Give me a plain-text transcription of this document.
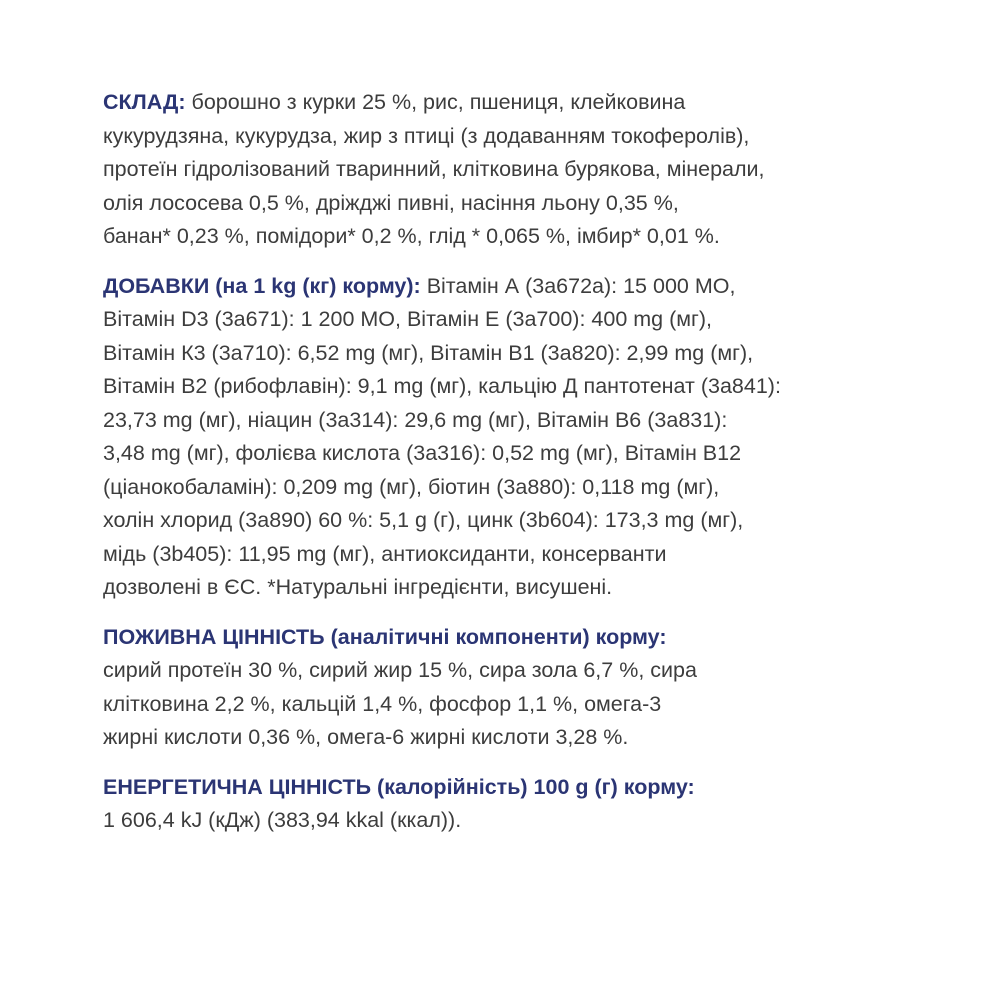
СКЛАД: борошно з курки 25 %, рис, пшениця, клейковина
кукурудзяна, кукурудза, жир з птиці (з додаванням токоферолів),
протеїн гідролізований тваринний, клітковина бурякова, мінерали,
олія лососева 0,5 %, дріжджі пивні, насіння льону 0,35 %,
банан* 0,23 %, помідори* 0,2 %, глід * 0,065 %, імбир* 0,01 %.

ДОБАВКИ (на 1 kg (кг) корму): Вітамін А (3а672а): 15 000 МО,
Вітамін D3 (3а671): 1 200 МО, Вітамін Е (3а700): 400 mg (мг),
Вітамін К3 (3а710): 6,52 mg (мг), Вітамін В1 (3а820): 2,99 mg (мг),
Вітамін В2 (рибофлавін): 9,1 mg (мг), кальцію Д пантотенат (3а841):
23,73 mg (мг), ніацин (3а314): 29,6 mg (мг), Вітамін В6 (3а831):
3,48 mg (мг), фолієва кислота (3а316): 0,52 mg (мг), Вітамін В12
(ціанокобаламін): 0,209 mg (мг), біотин (3а880): 0,118 mg (мг),
холін хлорид (3а890) 60 %: 5,1 g (г), цинк (3b604): 173,3 mg (мг),
мідь (3b405): 11,95 mg (мг), антиоксиданти, консерванти
дозволені в ЄС. *Натуральні інгредієнти, висушені.

ПОЖИВНА ЦІННІСТЬ (аналітичні компоненти) корму:
сирий протеїн 30 %, сирий жир 15 %, сира зола 6,7 %, сира
клітковина 2,2 %, кальцій 1,4 %, фосфор 1,1 %, омега-3
жирні кислоти 0,36 %, омега-6 жирні кислоти 3,28 %.

ЕНЕРГЕТИЧНА ЦІННІСТЬ (калорійність) 100 g (г) корму:
1 606,4 kJ (кДж) (383,94 kkal (ккал)).
